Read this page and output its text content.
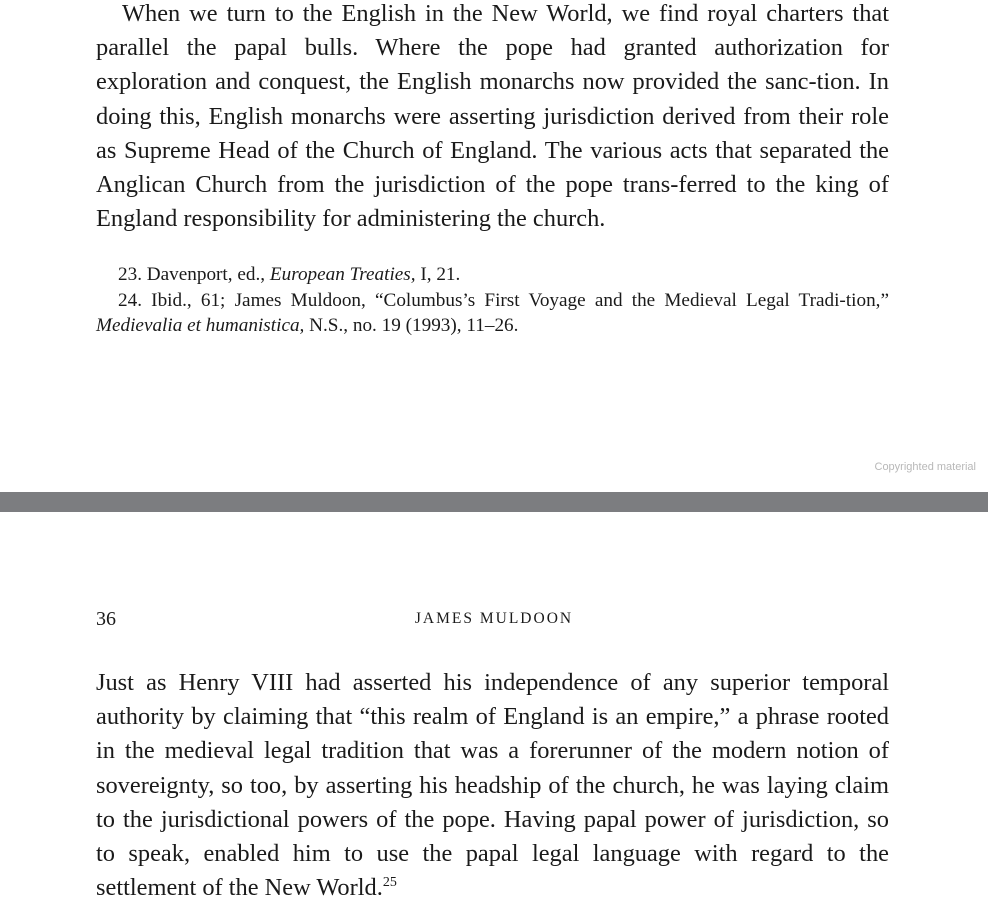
When we turn to the English in the New World, we find royal charters that parallel the papal bulls. Where the pope had granted authorization for exploration and conquest, the English monarchs now provided the sanc-tion. In doing this, English monarchs were asserting jurisdiction derived from their role as Supreme Head of the Church of England. The various acts that separated the Anglican Church from the jurisdiction of the pope trans-ferred to the king of England responsibility for administering the church.

23. Davenport, ed., European Treaties, I, 21.

24. Ibid., 61; James Muldoon, “Columbus’s First Voyage and the Medieval Legal Tradi-tion,” Medievalia et humanistica, N.S., no. 19 (1993), 11–26.

Copyrighted material
36	JAMES MULDOON

Just as Henry VIII had asserted his independence of any superior temporal authority by claiming that “this realm of England is an empire,” a phrase rooted in the medieval legal tradition that was a forerunner of the modern notion of sovereignty, so too, by asserting his headship of the church, he was laying claim to the jurisdictional powers of the pope. Having papal power of jurisdiction, so to speak, enabled him to use the papal legal language with regard to the settlement of the New World.$^{25}$
